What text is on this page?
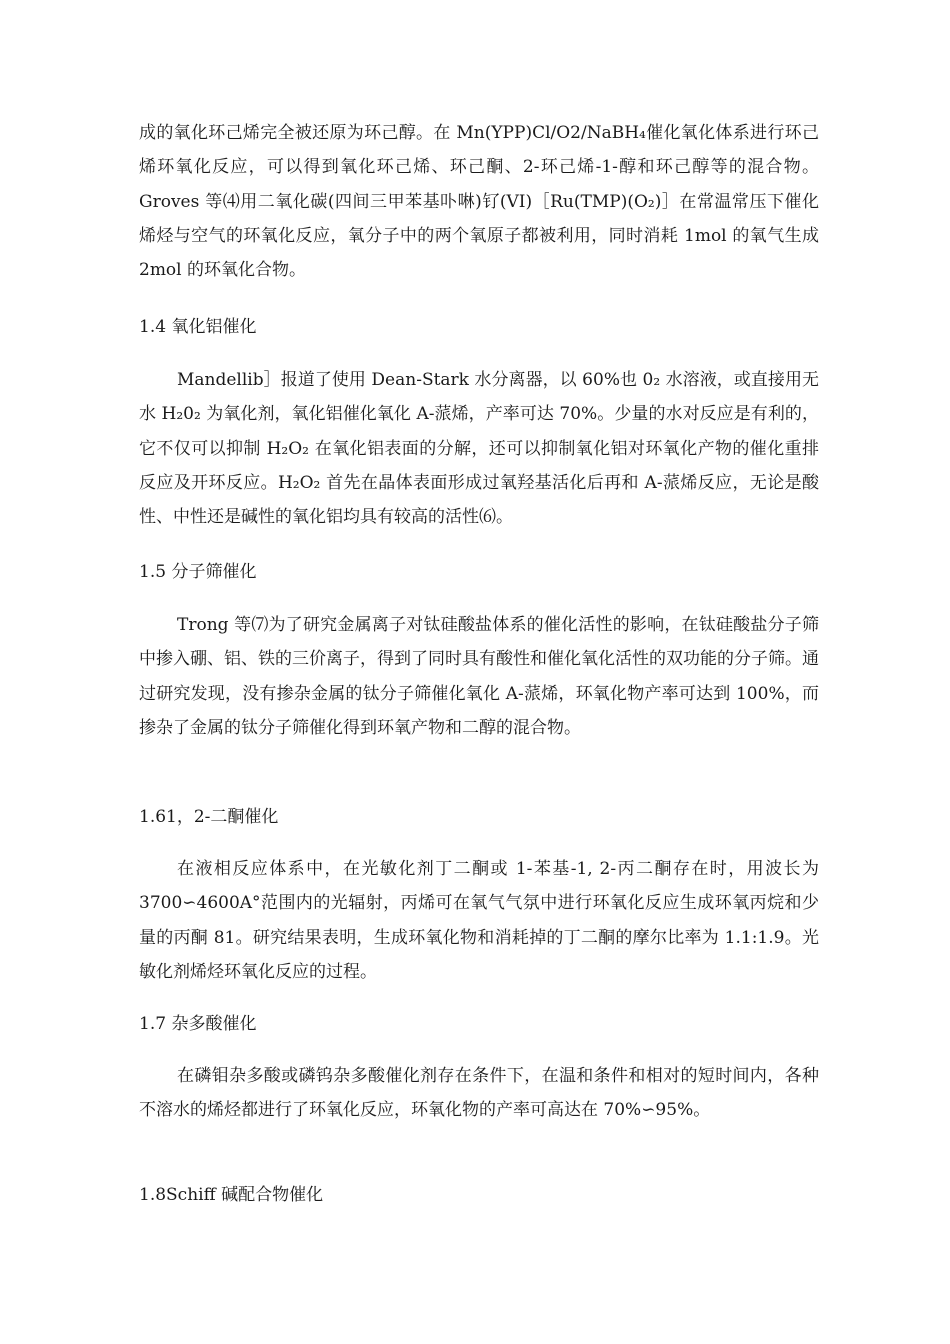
成的氧化环己烯完全被还原为环己醇。在 Mn(YPP)Cl/O2/NaBH₄催化氧化体系进行环己烯环氧化反应，可以得到氧化环己烯、环己酮、2-环己烯-1-醇和环己醇等的混合物。Groves 等⑷用二氧化碳(四间三甲苯基卟啉)钌(VI)［Ru(TMP)(O₂)］在常温常压下催化烯烃与空气的环氧化反应，氧分子中的两个氧原子都被利用，同时消耗 1mol 的氧气生成 2mol 的环氧化合物。

1.4 氧化铝催化

Mandellib］报道了使用 Dean-Stark 水分离器，以 60%也 0₂ 水溶液，或直接用无水 H₂0₂ 为氧化剂，氧化铝催化氧化 A-蒎烯，产率可达 70%。少量的水对反应是有利的，它不仅可以抑制 H₂O₂ 在氧化铝表面的分解，还可以抑制氧化铝对环氧化产物的催化重排反应及开环反应。H₂O₂ 首先在晶体表面形成过氧羟基活化后再和 A-蒎烯反应，无论是酸性、中性还是碱性的氧化铝均具有较高的活性⑹。

1.5 分子筛催化

Trong 等⑺为了研究金属离子对钛硅酸盐体系的催化活性的影响，在钛硅酸盐分子筛中掺入硼、铝、铁的三价离子，得到了同时具有酸性和催化氧化活性的双功能的分子筛。通过研究发现，没有掺杂金属的钛分子筛催化氧化 A-蒎烯，环氧化物产率可达到 100%，而掺杂了金属的钛分子筛催化得到环氧产物和二醇的混合物。

1.61，2-二酮催化

在液相反应体系中，在光敏化剂丁二酮或 1-苯基-1, 2-丙二酮存在时，用波长为 3700∽4600A°范围内的光辐射，丙烯可在氧气气氛中进行环氧化反应生成环氧丙烷和少量的丙酮 81。研究结果表明，生成环氧化物和消耗掉的丁二酮的摩尔比率为 1.1:1.9。光敏化剂烯烃环氧化反应的过程。

1.7 杂多酸催化

在磷钼杂多酸或磷钨杂多酸催化剂存在条件下，在温和条件和相对的短时间内，各种不溶水的烯烃都进行了环氧化反应，环氧化物的产率可高达在 70%∽95%。

1.8Schiff 碱配合物催化
